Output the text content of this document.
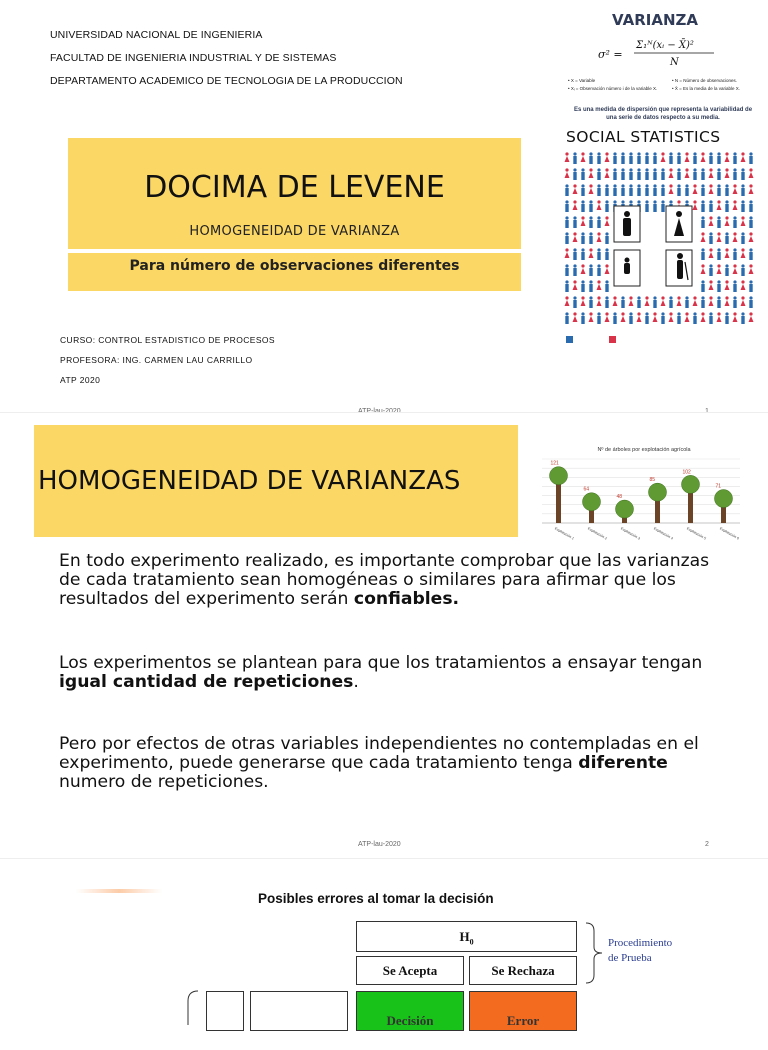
UNIVERSIDAD NACIONAL DE INGENIERIA
FACULTAD DE INGENIERIA INDUSTRIAL Y DE SISTEMAS
DEPARTAMENTO ACADEMICO DE TECNOLOGIA DE LA PRODUCCION
DOCIMA DE LEVENE
HOMOGENEIDAD DE VARIANZA
Para número de observaciones diferentes
CURSO: CONTROL ESTADISTICO DE PROCESOS
PROFESORA: ING. CARMEN LAU CARRILLO
ATP 2020
VARIANZA
σ² =
Σ₁ᴺ(xᵢ − X̄)²
N
• X = Variable
• Xᵢ = Observación número i de la variable X.
• N = Número de observaciones.
• X̄ = Es la media de la variable X.
Es una medida de dispersión que representa la variabilidad de una serie de datos respecto a su media.
SOCIAL STATISTICS
HOMOGENEIDAD DE VARIANZAS
Nº de árboles por explotación agrícola
121
Explotación 1
64
Explotación 2
48
Explotación 3
85
Explotación 4
102
Explotación 5
71
Explotación 6
En todo experimento realizado, es importante comprobar que las varianzas de cada tratamiento sean homogéneas o similares para afirmar que los resultados del experimento serán confiables.
Los experimentos se plantean para que los tratamientos a ensayar tengan igual cantidad de repeticiones.
Pero por efectos de otras variables independientes no contempladas en el experimento, puede generarse que cada tratamiento tenga diferente numero de repeticiones.
ATP-lau-2020	2
Posibles errores al tomar la decisión
$H_0$
Se Acepta	Se Rechaza
Procedimiento
de Prueba
Decisión	Error
